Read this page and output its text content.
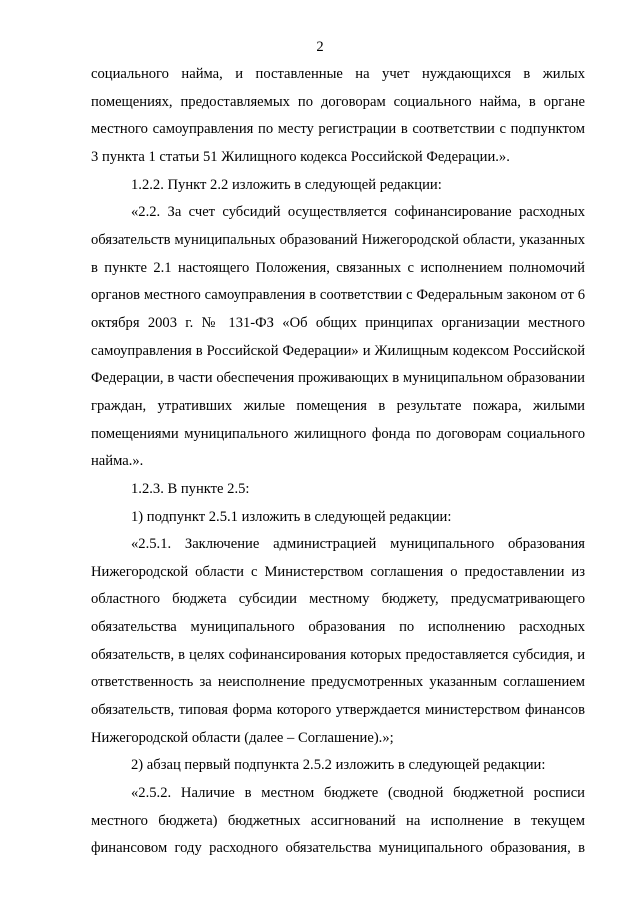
2

социального найма, и поставленные на учет нуждающихся в жилых помещениях, предоставляемых по договорам социального найма, в органе местного самоуправления по месту регистрации в соответствии с подпунктом 3 пункта 1 статьи 51 Жилищного кодекса Российской Федерации.».

1.2.2. Пункт 2.2 изложить в следующей редакции:

«2.2. За счет субсидий осуществляется софинансирование расходных обязательств муниципальных образований Нижегородской области, указанных в пункте 2.1 настоящего Положения, связанных с исполнением полномочий органов местного самоуправления в соответствии с Федеральным законом от 6 октября 2003 г. № 131-ФЗ «Об общих принципах организации местного самоуправления в Российской Федерации» и Жилищным кодексом Российской Федерации, в части обеспечения проживающих в муниципальном образовании граждан, утративших жилые помещения в результате пожара, жилыми помещениями муниципального жилищного фонда по договорам социального найма.».

1.2.3. В пункте 2.5:

1) подпункт 2.5.1 изложить в следующей редакции:

«2.5.1. Заключение администрацией муниципального образования Нижегородской области с Министерством соглашения о предоставлении из областного бюджета субсидии местному бюджету, предусматривающего обязательства муниципального образования по исполнению расходных обязательств, в целях софинансирования которых предоставляется субсидия, и ответственность за неисполнение предусмотренных указанным соглашением обязательств, типовая форма которого утверждается министерством финансов Нижегородской области (далее – Соглашение).»;

2) абзац первый подпункта 2.5.2 изложить в следующей редакции:

«2.5.2. Наличие в местном бюджете (сводной бюджетной росписи местного бюджета) бюджетных ассигнований на исполнение в текущем финансовом году расходного обязательства муниципального образования, в
